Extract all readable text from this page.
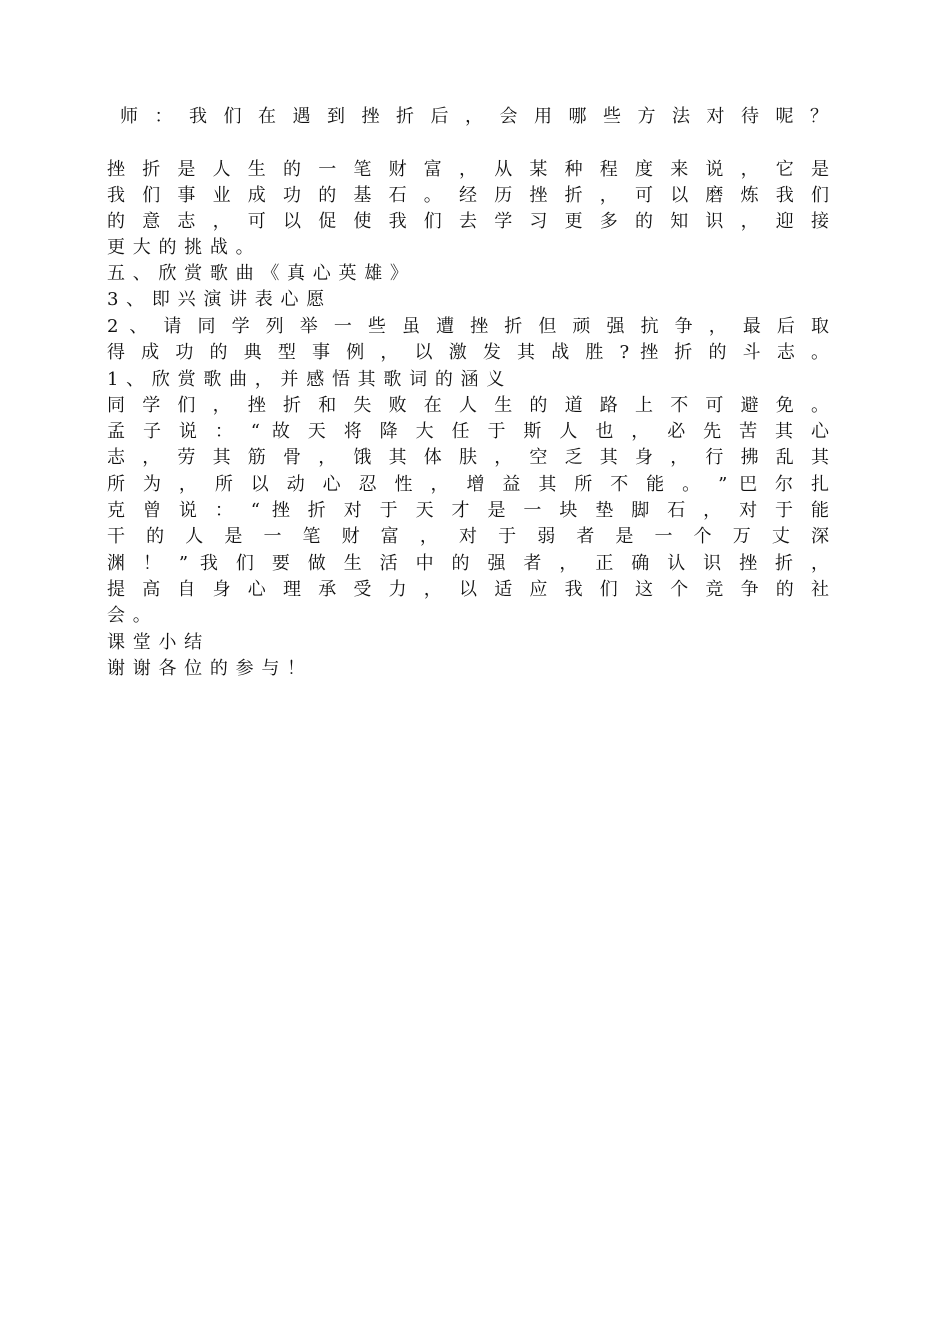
师 ： 我 们 在 遇 到 挫 折 后 ， 会 用 哪 些 方 法 对 待 呢 ？
挫 折 是 人 生 的 一 笔 财 富 ， 从 某 种 程 度 来 说 ， 它 是
我 们 事 业 成 功 的 基 石 。 经 历 挫 折 ， 可 以 磨 炼 我 们
的 意 志 ， 可 以 促 使 我 们 去 学 习 更 多 的 知 识 ， 迎 接
更 大 的 挑 战 。
五 、 欣 赏 歌 曲 《 真 心 英 雄 》
3 、 即 兴 演 讲 表 心 愿
2 、 请 同 学 列 举 一 些 虽 遭 挫 折 但 顽 强 抗 争 ， 最 后 取
得 成 功 的 典 型 事 例 ， 以 激 发 其 战 胜 ? 挫 折 的 斗 志 。
1 、 欣 赏 歌 曲 ， 并 感 悟 其 歌 词 的 涵 义
同 学 们 ， 挫 折 和 失 败 在 人 生 的 道 路 上 不 可 避 免 。
孟 子 说 ： “ 故 天 将 降 大 任 于 斯 人 也 ， 必 先 苦 其 心
志 ， 劳 其 筋 骨 ， 饿 其 体 肤 ， 空 乏 其 身 ， 行 拂 乱 其
所 为 ， 所 以 动 心 忍 性 ， 增 益 其 所 不 能 。 ” 巴 尔 扎
克 曾 说 ： “ 挫 折 对 于 天 才 是 一 块 垫 脚 石 ， 对 于 能
干 的 人 是 一 笔 财 富 ， 对 于 弱 者 是 一 个 万 丈 深
渊 ！ ” 我 们 要 做 生 活 中 的 强 者 ， 正 确 认 识 挫 折 ，
提 高 自 身 心 理 承 受 力 ， 以 适 应 我 们 这 个 竞 争 的 社
会 。
课 堂 小 结
谢 谢 各 位 的 参 与 ！
